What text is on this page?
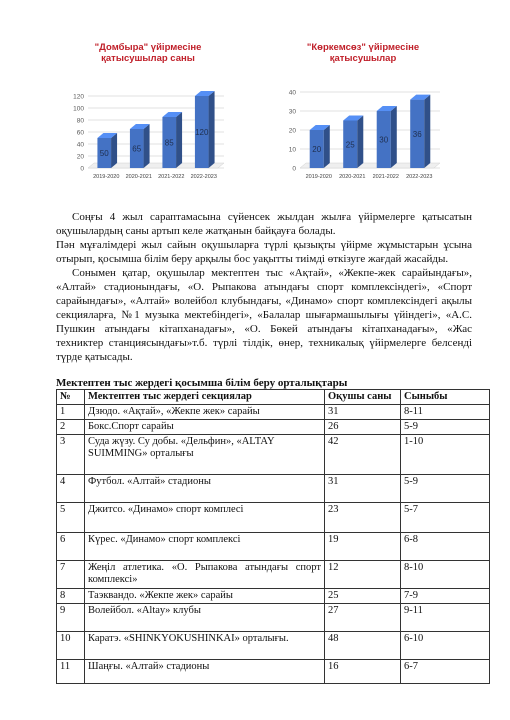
"Домбыра" үйірмесіне
қатысушылар саны
0
20
40
60
80
100
120
50
2019-2020
65
2020-2021
85
2021-2022
120
2022-2023
"Көркемсөз" үйірмесіне
қатысушылар
0
10
20
30
40
20
2019-2020
25
2020-2021
30
2021-2022
36
2022-2023

Соңғы 4 жыл сараптамасына сүйенсек жылдан жылға үйірмелерге қатысатын оқушылардың саны артып келе жатқанын байқауға болады.

Пән мұғалімдері жыл сайын оқушыларға түрлі қызықты үйірме жұмыстарын ұсына отырып, қосымша білім беру арқылы бос уақытты тиімді өткізуге жағдай жасайды.

Сонымен қатар, оқушылар мектептен тыс «Ақтай», «Жекпе-жек сарайындағы», «Алтай» стадионындағы, «О. Рыпакова атындағы спорт комплексіндегі», «Спорт сарайындағы», «Алтай» волейбол клубындағы, «Динамо» спорт комплексіндегі ақылы секцияларға, №1 музыка мектебіндегі», «Балалар шығармашылығы үйіндегі», «А.С. Пушкин атындағы кітапханадағы», «О. Бөкей атындағы кітапханадағы», «Жас техниктер станциясындағы»т.б. түрлі тілдік, өнер, техникалық үйірмелерге белсенді түрде қатысады.

Мектептен тыс жердегі қосымша білім беру орталықтары
№	Мектептен тыс жердегі секциялар	Оқушы саны	Сыныбы
1	Дзюдо. «Ақтай», «Жекпе жек» сарайы	31	8-11
2	Бокс.Спорт сарайы	26	5-9
3	Суда жүзу. Су добы. «Дельфин», «ALTAY SUIMMING» орталығы	42	1-10
4	Футбол. «Алтай» стадионы	31	5-9
5	Джитсо. «Динамо» спорт комплесі	23	5-7
6	Күрес. «Динамо» спорт комплексі	19	6-8
7	Жеңіл атлетика. «О. Рыпакова атындағы спорт комплексі»	12	8-10
8	Таэквандо. «Жекпе жек» сарайы	25	7-9
9	Волейбол. «Altay» клубы	27	9-11
10	Каратэ. «SHINKYOKUSHINKAI» орталығы.	48	6-10
11	Шаңғы. «Алтай» стадионы	16	6-7
